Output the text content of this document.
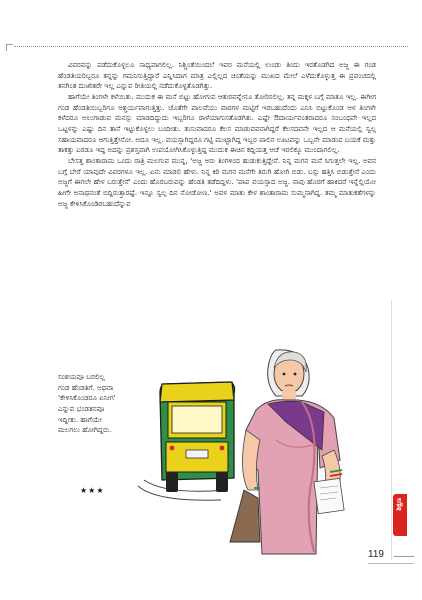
ವಿವರವನ್ನು ಪಡೆದುಕೊಳ್ಳಲೂ ಸಾಧ್ಯವಾಗಲಿಲ್ಲ. ನಿಶ್ಚಿಂತೆಯಿಂದಲೆ ಇವರ ಮನೆಯಲ್ಲಿ ಉಂಡು ತಿಂದು ಇರತೊಡಗಿದ ಅಜ್ಜ ಈ ಗಂಡ ಹೆಂಡತಿಯರಿಬ್ಬರೂ ತನ್ನನ್ನು ಗಮನಿಸುತ್ತಿದ್ದಾರೆ ಎನ್ನಿಸಿದಾಗ ಮಾತ್ರ ಎಲ್ಲಿಲ್ಲದ ಚಿಂತೆಯನ್ನು ಮುಖದ ಮೇಲೆ ಎಳೆದುಕೊಳ್ಳುತ್ತ ಈ ಪ್ರಪಂಚದಲ್ಲಿ ತನಗಿಂತ ದುಃಖಿತರೇ ಇಲ್ಲ ಎನ್ನುವ ರೀತಿಯಲ್ಲಿ ನಡೆದುಕೊಳ್ಳತೊಡಗಿತ್ತು.

ಹಾಗೆಯೇ ತಿಂಗಳೇ ಕಳೆಯಿತು. ಮುದುಕ ಈ ಮನೆ ಬಿಟ್ಟು ಹೋಗುವ ಆತುರವನ್ನೇನೂ ತೋರಿಸಲಿಲ್ಲ. ತನ್ನ ಮಕ್ಕಳ ಬಗ್ಗೆ ಮಾತೂ ಇಲ್ಲ. ಈಗೀಗ ಗಂಡ ಹೆಂಡತಿಯಿಬ್ಬರಿಗೂ ಅಶ್ಚರ್ಯವಾಗುತ್ತಿತ್ತು. ಜೊತೆಗೇ ಪಾಲವೆಯು ವಾರಗಳ ಮಟ್ಟಿಗೆ ಇರಬಹುದೆಂದು ಎನಿಸಿ ಬಿಟ್ಟುಕೊಂಡ ಆಳ ತಿಂಗಳೇ ಕಳೆದರೂ ಅಲುಗಾಡುವ ಮನಸ್ಸು ಮಾಡದಿದ್ದುದು ಇಬ್ಬರಿಗೂ ರಾಳೆಯಾಗುಸತೊಡಗಿತು. ಎಷ್ಟೇ ಔದಾರ್ಯವಂತರಾದರೂ ಸಂಬಂಧವೇ ಇಲ್ಲದ ಒಟ್ಟಳನ್ನು ಎಷ್ಟು ದಿನ ತಾನೆ ಇಟ್ಟುಕೊಳ್ಳಲು ಬಂದೀತು. ತುಸುವಾದರೂ ಕೆಲಸ ಮಾಡುವವನಾಗಿದ್ದರೆ ಕೆಲಸದವನೇ ಇಲ್ಲದ ಆ ಮನೆಯಲ್ಲಿ ಸ್ವಲ್ಪ ಸಹಾಯವಾದರೂ ಆಗುತ್ತಿತ್ತೇನೋ. ಅದೂ ಇಲ್ಲ. ವಯಸ್ಸಾಗಿದ್ದರೂ ಗಟ್ಟಿ ಮುಟ್ಟಾಗಿದ್ದ ಇಬ್ಬರ ಪಾಲಿನ ಊಟವನ್ನು ಒಬ್ಬನೇ ಮಾಡುವ ಬಯಕೆ ಮತ್ತು ತಾಕತ್ತು ಎರಡೂ ಇದ್ದ ಅದನ್ನು ಪ್ರಶಸ್ತವಾಗಿ ಉಪಯೋಗಿಸಿಕೊಳ್ಳುತ್ತಿದ್ದ ಮುದುಕ ಈಚಿನ ಕದ್ದಿಯತ್ತ ಆಚೆ ಇರಲಿಕ್ಕೂ ಮುಂದಾಗಲಿಲ್ಲ.

ಬೇಸತ್ತ ಶಾಂತಾರಾಮ ಒಂದು ರಾತ್ರಿ ಮಲಗುವ ಮುನ್ನ, 'ಅಜ್ಜ ಅರು ತಿಂಗಳಿಂದ ಹುಡುಕುತ್ತಿದ್ದೇನೆ. ನಿನ್ನ ಮಗನ ಮನೆ ಸಿಗುತ್ತಲೇ ಇಲ್ಲ. ಅವನ ಬಗ್ಗೆ ಬೇರೆ ಯಾವುದೇ ವಿವರಗಳೂ ಇಲ್ಲ. ಏನು ಮಾಡಲಿ ಹೇಳು. ನಿನ್ನ ಕಿರಿ ಮಗನ ಮನೆಗೇ ತಿರುಗಿ ಹೋಗಿ ಬಿಡು. ಬಸ್ಸು ಹತ್ತಿಸಿ ಬಿಡುತ್ತೇನೆ ಎಂದು ಅಜ್ಜಗೆ ಈಗಲೇ ಹೇಳ ಬರುತ್ತೇನೆ' ಎಂದು ಹೊರಬರುವನ್ನು ಹೆಂಡತಿ ತಡೆದಿದ್ದಳು. 'ಪಾಪ ವಯಸ್ಸಾದ ಅಜ್ಜ. ನಾವು ಹೊರಗೆ ಹಾಕಿದರೆ ಇನ್ನೆಲ್ಲಿಯೋ ಹೀಗೇ ಅನಾಥನಂತೆ ಬಿದ್ದಿರುತ್ತಾರಷ್ಟೆ. ಇನ್ನೂ ಸ್ವಲ್ಪ ದಿನ ನೋಡೋಣ.' ಅವಳ ಮಾತು ಕೇಳ ಶಾಂತಾರಾಮ ಸುಮ್ಮನಾಗಿದ್ದ. ತಮ್ಮ ಮಾತುಕತೆಗಳನ್ನು ಅಜ್ಜ ಕೇಳಿಸಿಕೊಂಡಿರಬಹುದೆನ್ನುವ

ಸಂಶಯವೂ ಬರಲಿಲ್ಲ

ಗಂಡ ಹೆಂಡತಿಗೆ. ಅಥವಾ

'ಕೇಳಿಸಿಕೊಂಡರೂ ಏನೀಗ'

ಎನ್ನುವ ಭಂಡತನವೂ

ಇದ್ದೀತು. ಹಾಗೆಯೇ

ಮಲಗಲು ಹೋಗಿದ್ದರು.

★★★
ಶಿಕ್ಷಣ
119
